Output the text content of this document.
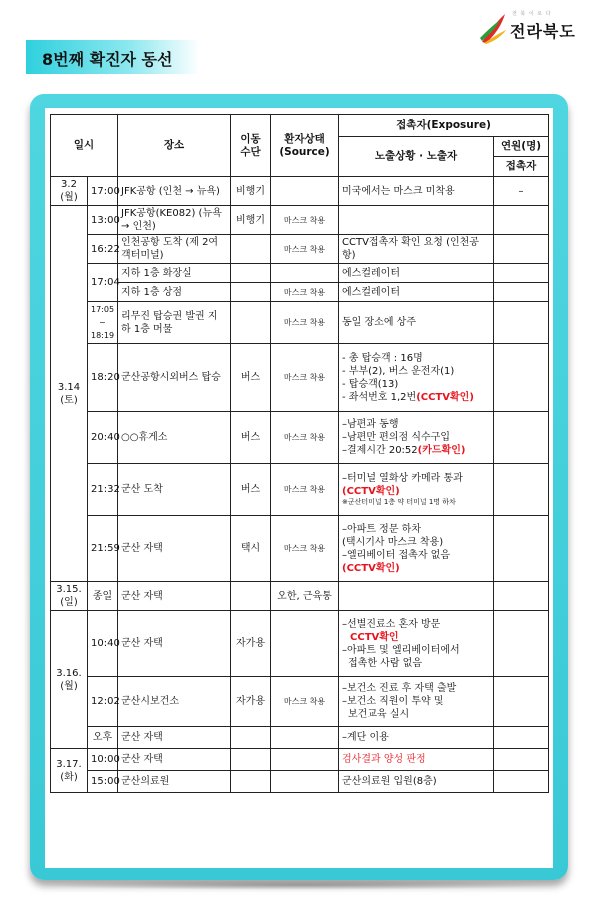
전 북 이 로 다
전라북도
8번째 확진자 동선
일시		장소	이동 수단	환자상태 (Source)	접촉자(Exposure)	
					노출상황 · 노출자	연원(명)
						접촉자
3.2 (월)	17:00	JFK공항 (인천 → 뉴욕)	비행기		미국에서는 마스크 미착용	–
3.14 (토)	13:00	JFK공항(KE082) (뉴욕 → 인천)	비행기	마스크 착용		
	16:22	인천공항 도착 (제 2여객터미널)		마스크 착용	CCTV접촉자 확인 요청 (인천공항)	
	17:04	지하 1층 화장실			에스컬레이터	
		지하 1층 상점		마스크 착용	에스컬레이터	
	17:05 ~ 18:19	리무진 탑승권 발권 지하 1층 머물		마스크 착용	동일 장소에 상주	
	18:20	군산공항시외버스 탑승	버스	마스크 착용	- 총 탑승객 : 16명
- 부부(2), 버스 운전자(1)
- 탑승객(13)
- 좌석번호 1,2번(CCTV확인)	

	20:40	○○휴게소	버스	마스크 착용	–남편과 동행
–남편만 편의점 식수구입
–결제시간 20:52(카드확인)	

	21:32	군산 도착	버스	마스크 착용	–터미널 열화상 카메라 통과
(CCTV확인)
※군산터미널 1층 약 터미널 1명 하차	

	21:59	군산 자택	택시	마스크 착용	–아파트 정문 하차
(택시기사 마스크 착용)
–엘리베이터 접촉자 없음
(CCTV확인)	

3.15. (일)	종일	군산 자택		오한, 근육통		
3.16. (월)	10:40	군산 자택	자가용		–선별진료소 혼자 방문
CCTV확인
–아파트 및 엘리베이터에서
접촉한 사람 없음	

	12:02	군산시보건소	자가용	마스크 착용	–보건소 진료 후 자택 출발
–보건소 직원이 투약 및
보건교육 실시	

	오후	군산 자택			–계단 이용	
3.17. (화)	10:00	군산 자택			검사결과 양성 판정	
	15:00	군산의료원			군산의료원 입원(8층)	
